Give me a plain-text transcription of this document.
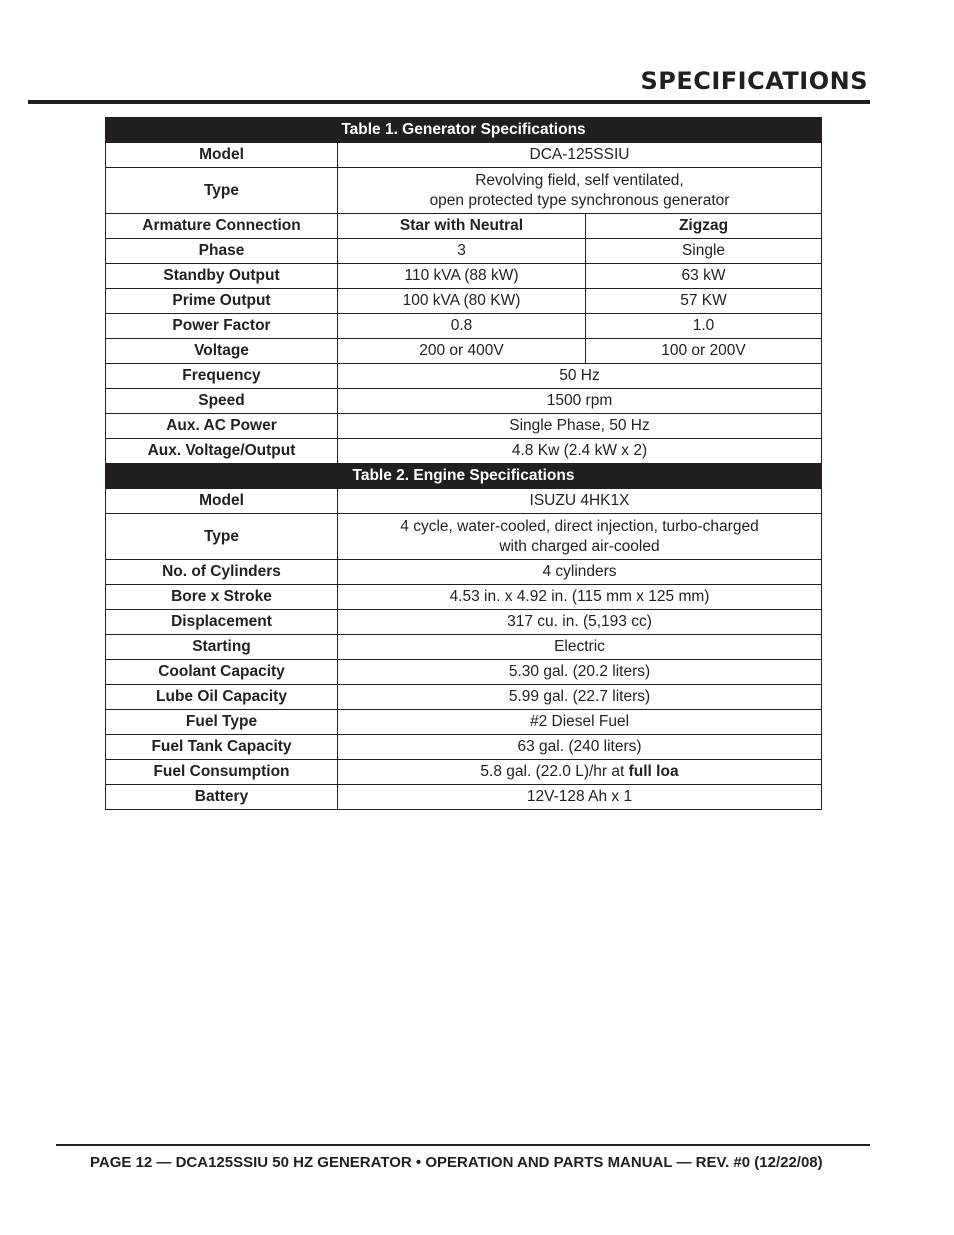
SPECIFICATIONS
Table 1. Generator Specifications		
Model	DCA-125SSIU	
Type	Revolving field, self ventilated,
open protected type synchronous generator	
Armature Connection	Star with Neutral	Zigzag
Phase	3	Single
Standby Output	110 kVA (88 kW)	63 kW
Prime Output	100 kVA (80 KW)	57 KW
Power Factor	0.8	1.0
Voltage	200 or 400V	100 or 200V
Frequency	50 Hz	
Speed	1500 rpm	
Aux. AC Power	Single Phase, 50 Hz	
Aux. Voltage/Output	4.8 Kw (2.4 kW x 2)	
Table 2. Engine Specifications		
Model	ISUZU 4HK1X	
Type	4 cycle, water-cooled, direct injection, turbo-charged
with charged air-cooled	
No. of Cylinders	4 cylinders	
Bore x Stroke	4.53 in. x 4.92 in. (115 mm x 125 mm)	
Displacement	317 cu. in. (5,193 cc)	
Starting	Electric	
Coolant Capacity	5.30 gal. (20.2 liters)	
Lube Oil Capacity	5.99 gal. (22.7 liters)	
Fuel Type	#2 Diesel Fuel	
Fuel Tank Capacity	63 gal. (240 liters)	
Fuel Consumption	5.8 gal. (22.0 L)/hr at full loa	
Battery	12V-128 Ah x 1	

PAGE 12 — DCA125SSIU 50 HZ GENERATOR • OPERATION AND PARTS MANUAL — REV. #0 (12/22/08)
